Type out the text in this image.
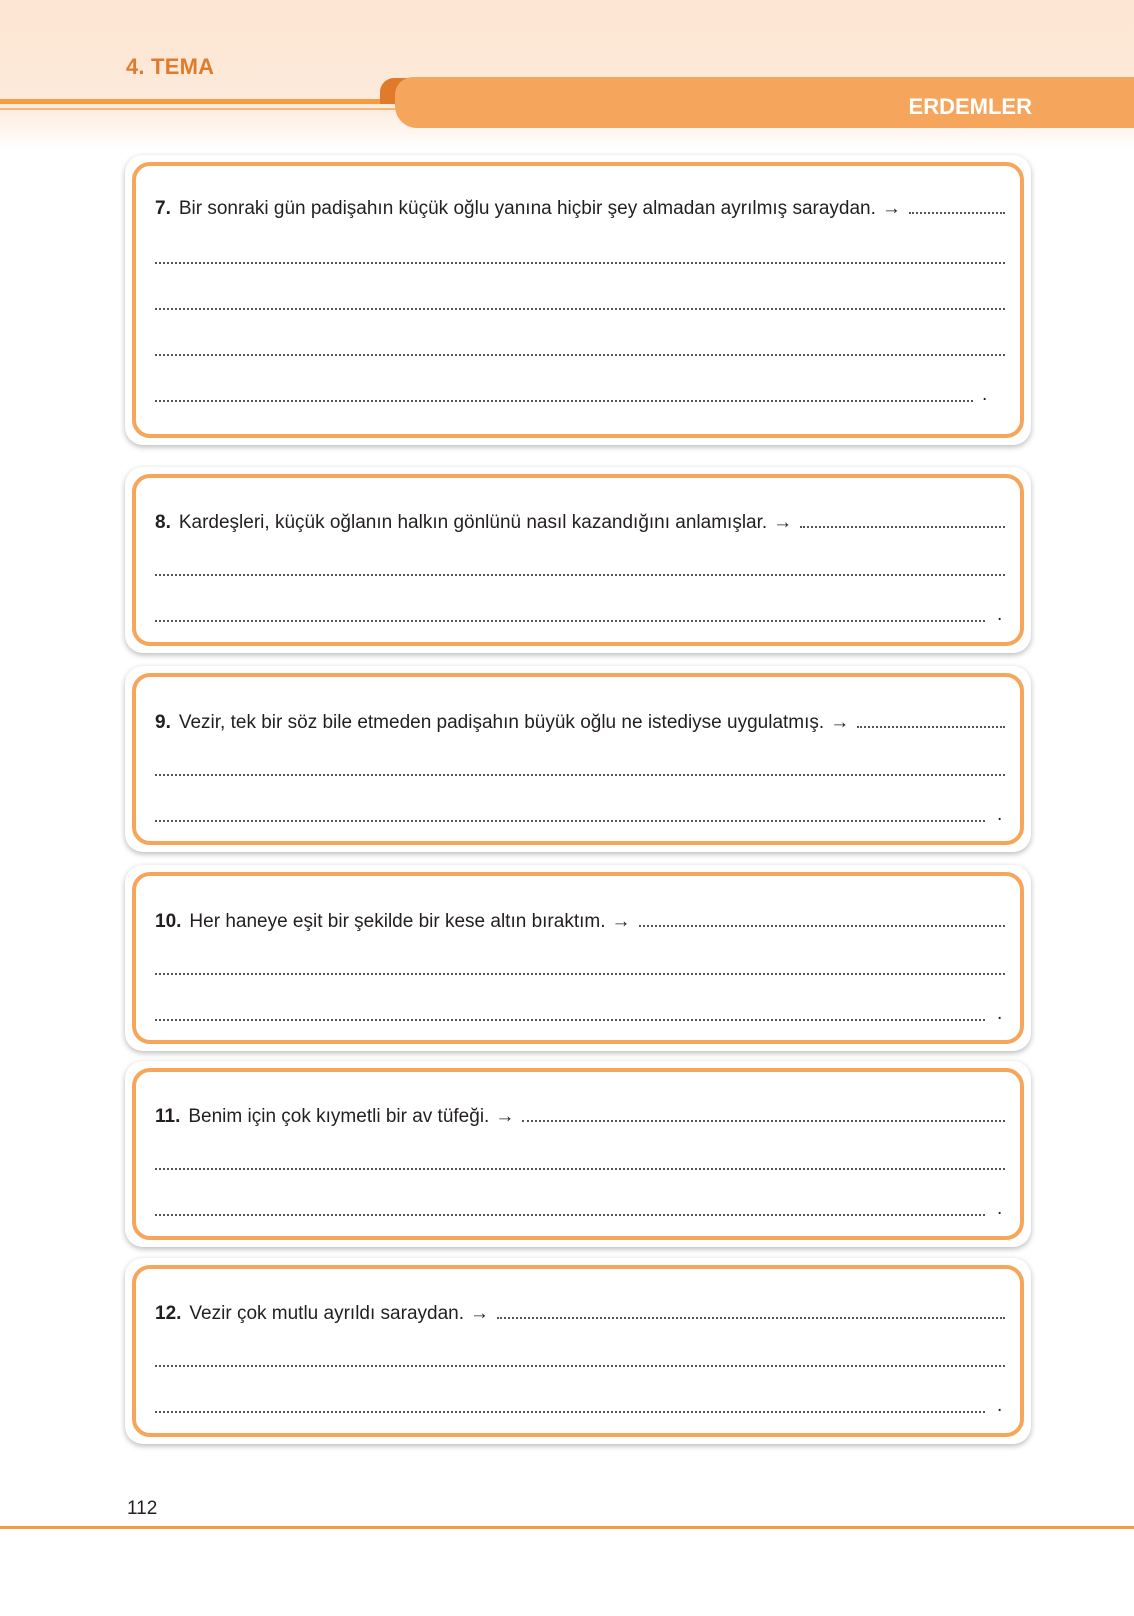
4. TEMA
ERDEMLER
7. Bir sonraki gün padişahın küçük oğlu yanına hiçbir şey almadan ayrılmış saraydan. →
.
8. Kardeşleri, küçük oğlanın halkın gönlünü nasıl kazandığını anlamışlar. →
.
9. Vezir, tek bir söz bile etmeden padişahın büyük oğlu ne istediyse uygulatmış. →
.
10. Her haneye eşit bir şekilde bir kese altın bıraktım. →
.
11. Benim için çok kıymetli bir av tüfeği. →
.
12. Vezir çok mutlu ayrıldı saraydan. →
.
112
